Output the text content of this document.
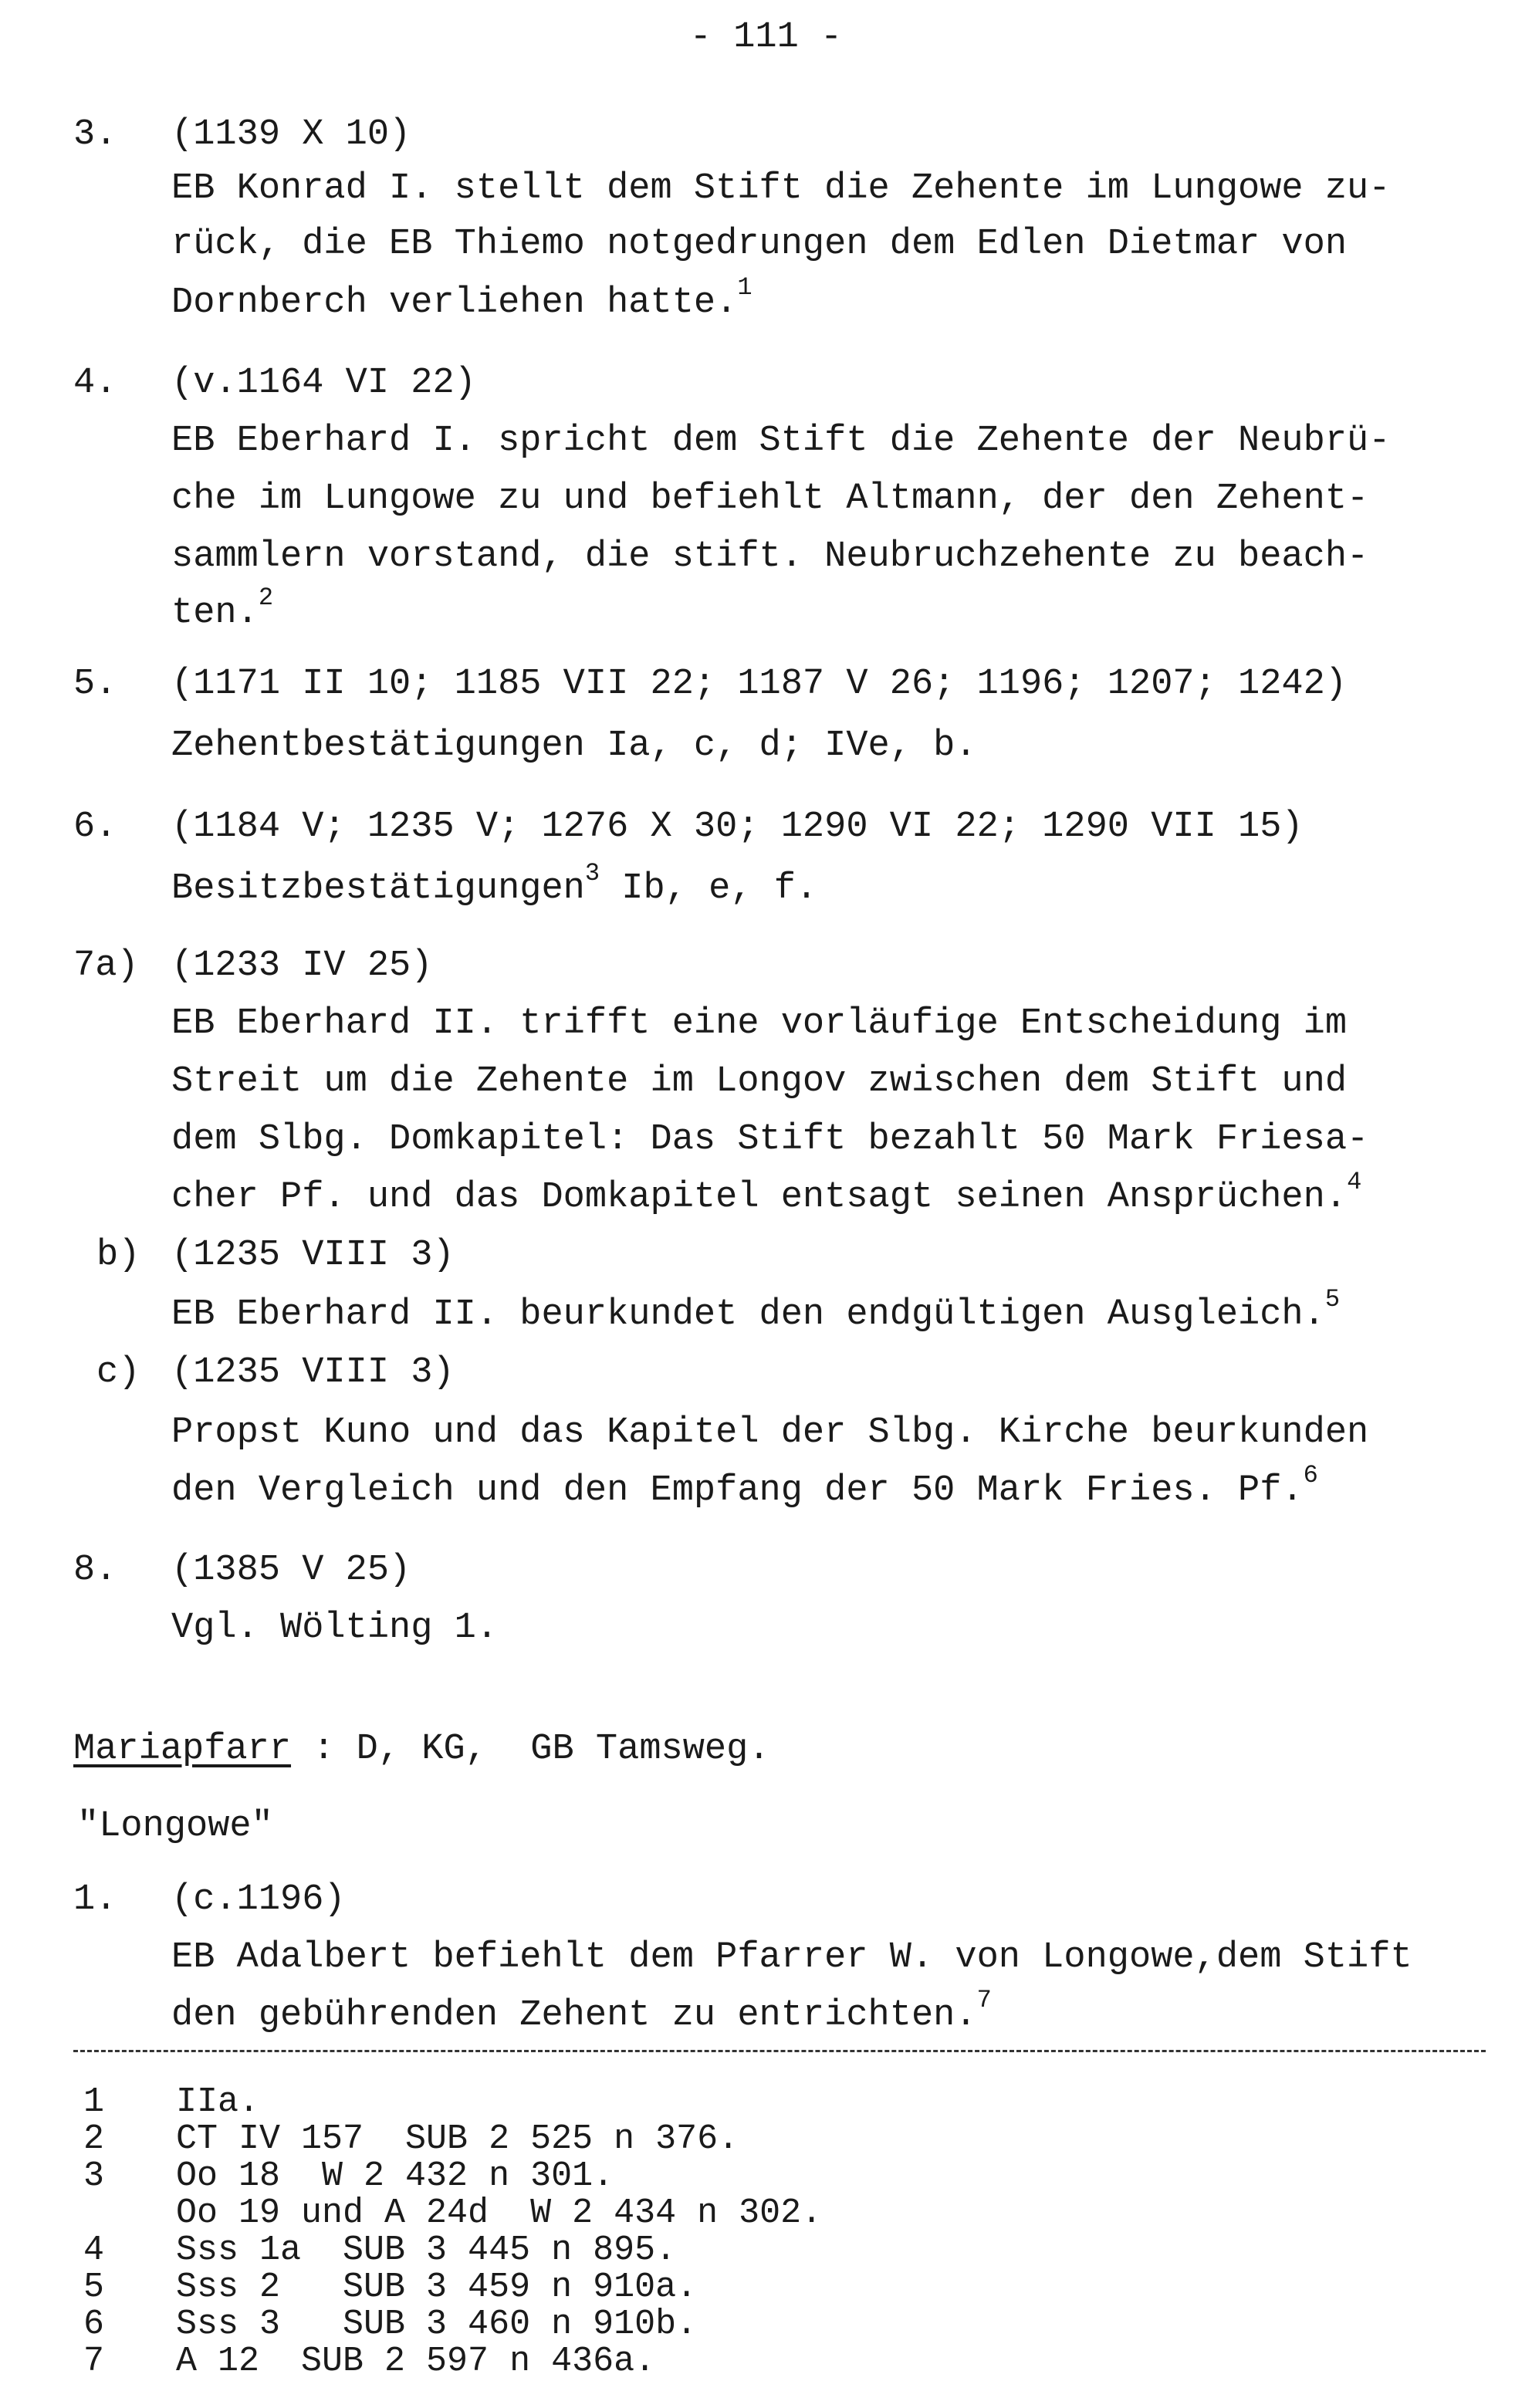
- 111 -
3. (1139 X 10)
EB Konrad I. stellt dem Stift die Zehente im Lungowe zu-
rück, die EB Thiemo notgedrungen dem Edlen Dietmar von
Dornberch verliehen hatte.$^1$
4. (v.1164 VI 22)
EB Eberhard I. spricht dem Stift die Zehente der Neubrü-
che im Lungowe zu und befiehlt Altmann, der den Zehent-
sammlern vorstand, die stift. Neubruchzehente zu beach-
ten.$^2$
5. (1171 II 10; 1185 VII 22; 1187 V 26; 1196; 1207; 1242)
Zehentbestätigungen Ia, c, d; IVe, b.
6. (1184 V; 1235 V; 1276 X 30; 1290 VI 22; 1290 VII 15)
Besitzbestätigungen$^3$ Ib, e, f.
7a) (1233 IV 25)
EB Eberhard II. trifft eine vorläufige Entscheidung im
Streit um die Zehente im Longov zwischen dem Stift und
dem Slbg. Domkapitel: Das Stift bezahlt 50 Mark Friesa-
cher Pf. und das Domkapitel entsagt seinen Ansprüchen.$^4$
b) (1235 VIII 3)
EB Eberhard II. beurkundet den endgültigen Ausgleich.$^5$
c) (1235 VIII 3)
Propst Kuno und das Kapitel der Slbg. Kirche beurkunden
den Vergleich und den Empfang der 50 Mark Fries. Pf.$^6$
8. (1385 V 25)
Vgl. Wölting 1.
Mariapfarr : D, KG,  GB Tamsweg.
"Longowe"
1. (c.1196)
EB Adalbert befiehlt dem Pfarrer W. von Longowe,dem Stift
den gebührenden Zehent zu entrichten.$^7$
1 IIa.
2 CT IV 157  SUB 2 525 n 376.
3 Oo 18  W 2 432 n 301.
Oo 19 und A 24d  W 2 434 n 302.
4 Sss 1a  SUB 3 445 n 895.
5 Sss 2   SUB 3 459 n 910a.
6 Sss 3   SUB 3 460 n 910b.
7 A 12  SUB 2 597 n 436a.
